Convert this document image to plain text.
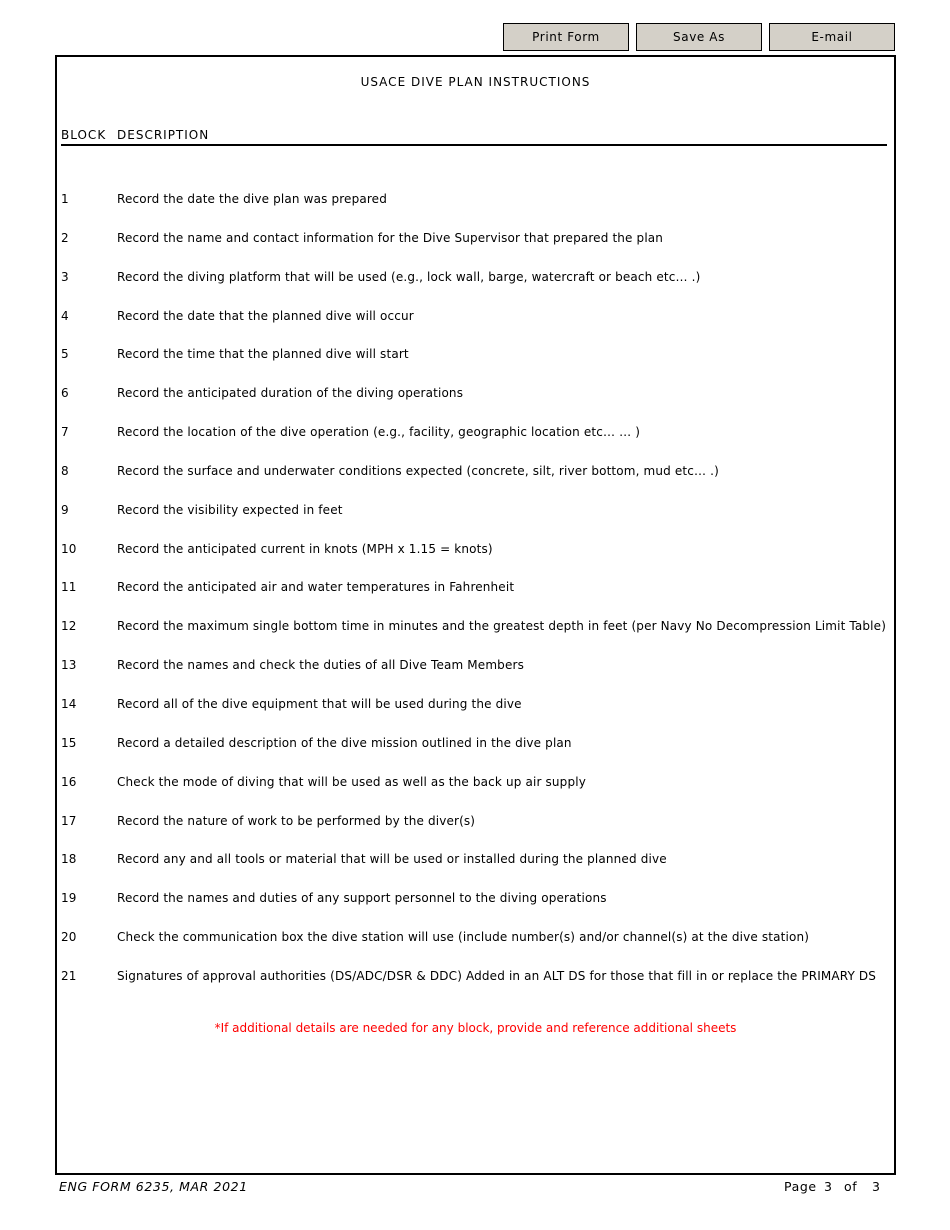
Print Form	Save As	E-mail
USACE DIVE PLAN INSTRUCTIONS
BLOCK DESCRIPTION
1	Record the date the dive plan was prepared
2	Record the name and contact information for the Dive Supervisor that prepared the plan
3	Record the diving platform that will be used (e.g., lock wall, barge, watercraft or beach etc… .)
4	Record the date that the planned dive will occur
5	Record the time that the planned dive will start
6	Record the anticipated duration of the diving operations
7	Record the location of the dive operation (e.g., facility, geographic location etc… … )
8	Record the surface and underwater conditions expected (concrete, silt, river bottom, mud etc… .)
9	Record the visibility expected in feet
10	Record the anticipated current in knots (MPH x 1.15 = knots)
11	Record the anticipated air and water temperatures in Fahrenheit
12	Record the maximum single bottom time in minutes and the greatest depth in feet (per Navy No Decompression Limit Table)
13	Record the names and check the duties of all Dive Team Members
14	Record all of the dive equipment that will be used during the dive
15	Record a detailed description of the dive mission outlined in the dive plan
16	Check the mode of diving that will be used as well as the back up air supply
17	Record the nature of work to be performed by the diver(s)
18	Record any and all tools or material that will be used or installed during the planned dive
19	Record the names and duties of any support personnel to the diving operations
20	Check the communication box the dive station will use (include number(s) and/or channel(s) at the dive station)
21	Signatures of approval authorities (DS/ADC/DSR & DDC) Added in an ALT DS for those that fill in or replace the PRIMARY DS
*If additional details are needed for any block, provide and reference additional sheets
ENG FORM 6235, MAR 2021	Page 3 of 3
